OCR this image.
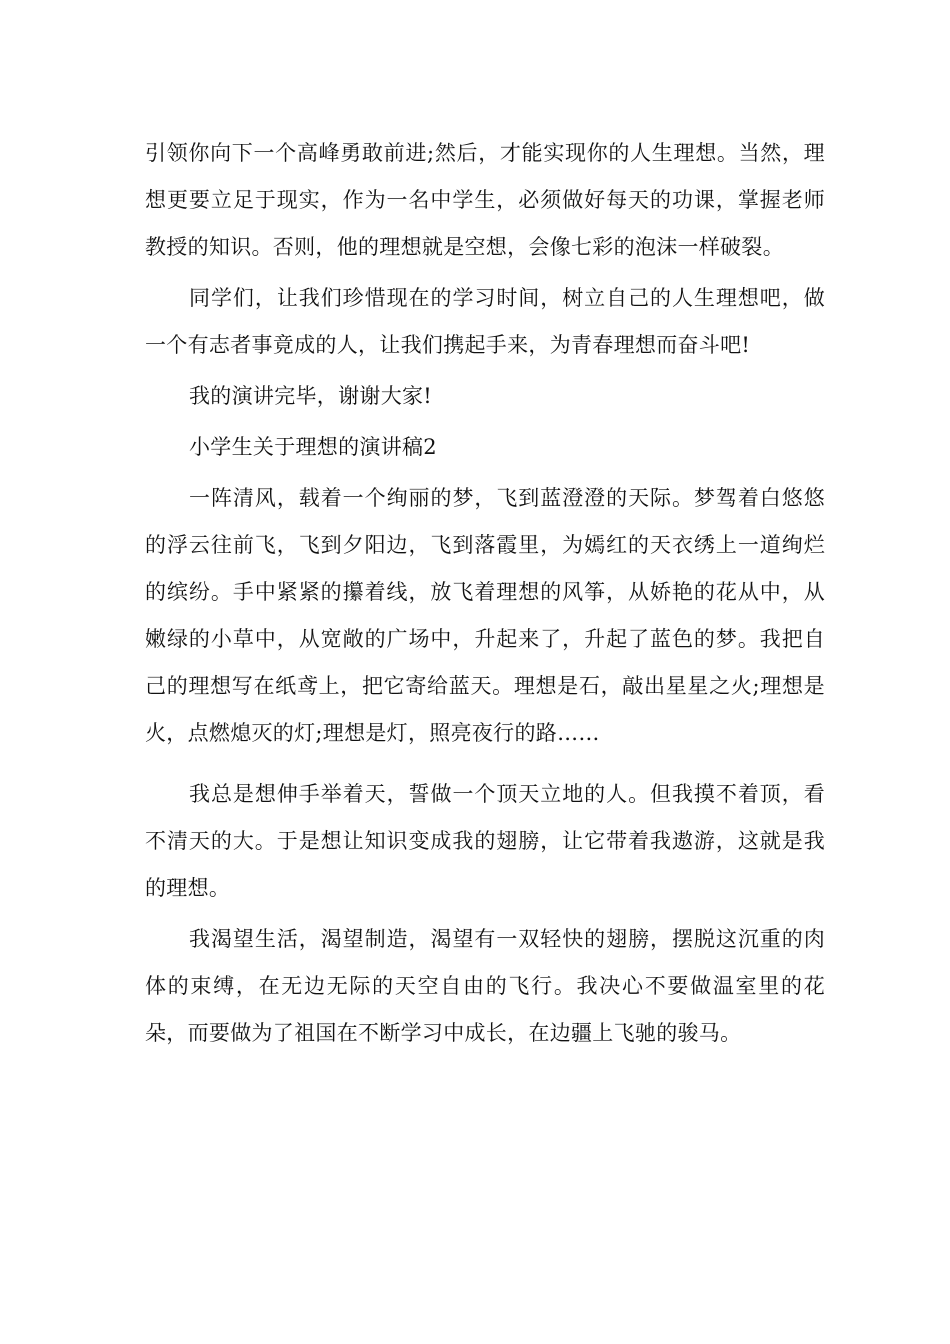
引领你向下一个高峰勇敢前进;然后，才能实现你的人生理想。当然，理想更要立足于现实，作为一名中学生，必须做好每天的功课，掌握老师教授的知识。否则，他的理想就是空想，会像七彩的泡沫一样破裂。

同学们，让我们珍惜现在的学习时间，树立自己的人生理想吧，做一个有志者事竟成的人，让我们携起手来，为青春理想而奋斗吧!

我的演讲完毕，谢谢大家!

小学生关于理想的演讲稿2

一阵清风，载着一个绚丽的梦，飞到蓝澄澄的天际。梦驾着白悠悠的浮云往前飞，飞到夕阳边，飞到落霞里，为嫣红的天衣绣上一道绚烂的缤纷。手中紧紧的攥着线，放飞着理想的风筝，从娇艳的花从中，从嫩绿的小草中，从宽敞的广场中，升起来了，升起了蓝色的梦。我把自己的理想写在纸鸢上，把它寄给蓝天。理想是石，敲出星星之火;理想是火，点燃熄灭的灯;理想是灯，照亮夜行的路……

我总是想伸手举着天，誓做一个顶天立地的人。但我摸不着顶，看不清天的大。于是想让知识变成我的翅膀，让它带着我遨游，这就是我的理想。

我渴望生活，渴望制造，渴望有一双轻快的翅膀，摆脱这沉重的肉体的束缚，在无边无际的天空自由的飞行。我决心不要做温室里的花朵，而要做为了祖国在不断学习中成长，在边疆上飞驰的骏马。
